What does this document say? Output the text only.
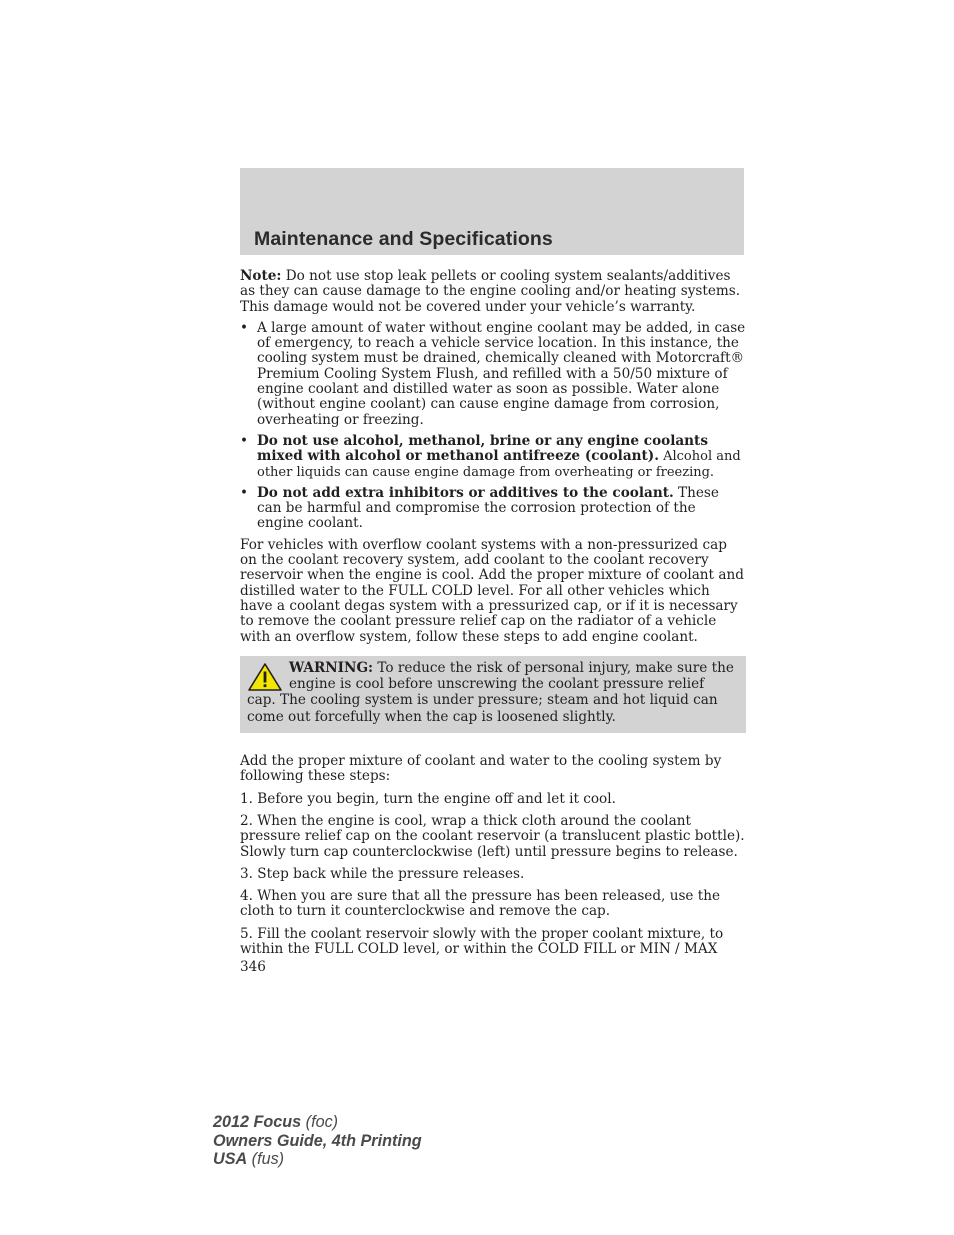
Maintenance and Specifications

Note: Do not use stop leak pellets or cooling system sealants/additives as they can cause damage to the engine cooling and/or heating systems. This damage would not be covered under your vehicle’s warranty.

• A large amount of water without engine coolant may be added, in case of emergency, to reach a vehicle service location. In this instance, the cooling system must be drained, chemically cleaned with Motorcraft® Premium Cooling System Flush, and refilled with a 50/50 mixture of engine coolant and distilled water as soon as possible. Water alone (without engine coolant) can cause engine damage from corrosion, overheating or freezing.
• Do not use alcohol, methanol, brine or any engine coolants mixed with alcohol or methanol antifreeze (coolant). Alcohol and other liquids can cause engine damage from overheating or freezing.
• Do not add extra inhibitors or additives to the coolant. These can be harmful and compromise the corrosion protection of the engine coolant.

For vehicles with overflow coolant systems with a non-pressurized cap on the coolant recovery system, add coolant to the coolant recovery reservoir when the engine is cool. Add the proper mixture of coolant and distilled water to the FULL COLD level. For all other vehicles which have a coolant degas system with a pressurized cap, or if it is necessary to remove the coolant pressure relief cap on the radiator of a vehicle with an overflow system, follow these steps to add engine coolant.

WARNING: To reduce the risk of personal injury, make sure the engine is cool before unscrewing the coolant pressure relief cap. The cooling system is under pressure; steam and hot liquid can come out forcefully when the cap is loosened slightly.

Add the proper mixture of coolant and water to the cooling system by following these steps:

1. Before you begin, turn the engine off and let it cool.

2. When the engine is cool, wrap a thick cloth around the coolant pressure relief cap on the coolant reservoir (a translucent plastic bottle). Slowly turn cap counterclockwise (left) until pressure begins to release.

3. Step back while the pressure releases.

4. When you are sure that all the pressure has been released, use the cloth to turn it counterclockwise and remove the cap.

5. Fill the coolant reservoir slowly with the proper coolant mixture, to within the FULL COLD level, or within the COLD FILL or MIN / MAX

346

2012 Focus (foc)
Owners Guide, 4th Printing
USA (fus)
